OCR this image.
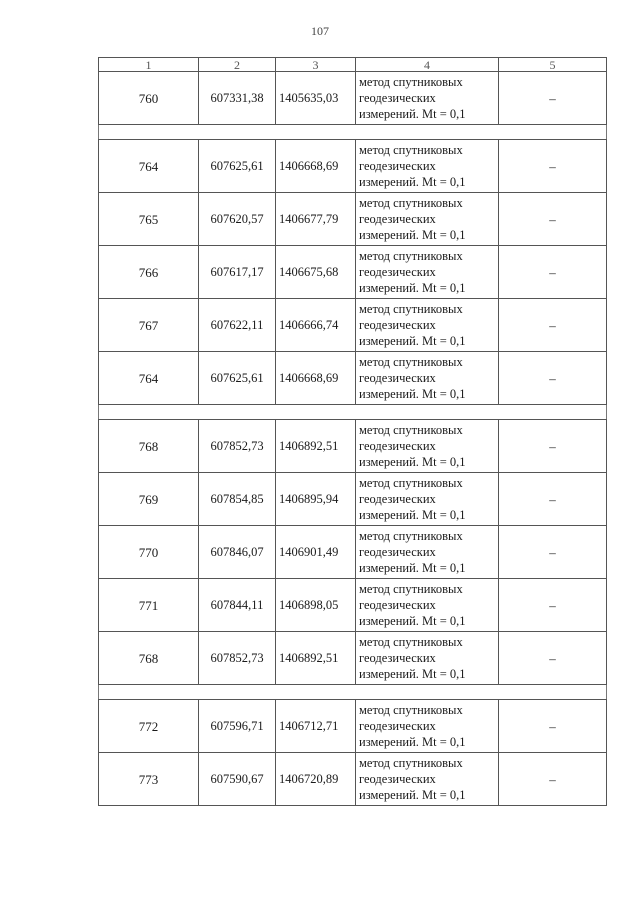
107
1	2	3	4	5
760	607331,38	1405635,03	метод спутниковых
геодезических
измерений. Mt = 0,1	–

764	607625,61	1406668,69	метод спутниковых
геодезических
измерений. Mt = 0,1	–
765	607620,57	1406677,79	метод спутниковых
геодезических
измерений. Mt = 0,1	–
766	607617,17	1406675,68	метод спутниковых
геодезических
измерений. Mt = 0,1	–
767	607622,11	1406666,74	метод спутниковых
геодезических
измерений. Mt = 0,1	–
764	607625,61	1406668,69	метод спутниковых
геодезических
измерений. Mt = 0,1	–

768	607852,73	1406892,51	метод спутниковых
геодезических
измерений. Mt = 0,1	–
769	607854,85	1406895,94	метод спутниковых
геодезических
измерений. Mt = 0,1	–
770	607846,07	1406901,49	метод спутниковых
геодезических
измерений. Mt = 0,1	–
771	607844,11	1406898,05	метод спутниковых
геодезических
измерений. Mt = 0,1	–
768	607852,73	1406892,51	метод спутниковых
геодезических
измерений. Mt = 0,1	–

772	607596,71	1406712,71	метод спутниковых
геодезических
измерений. Mt = 0,1	–
773	607590,67	1406720,89	метод спутниковых
геодезических
измерений. Mt = 0,1	–
